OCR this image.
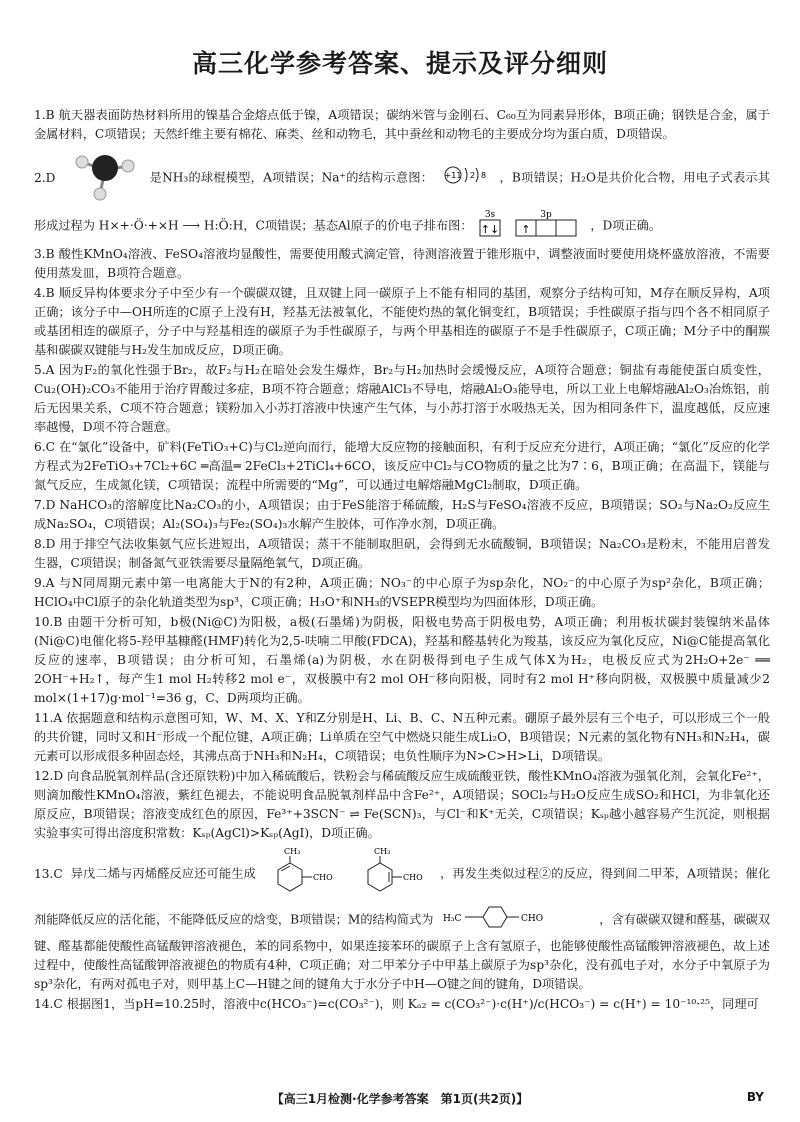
高三化学参考答案、提示及评分细则
1.B 航天器表面防热材料所用的镍基合金熔点低于镍，A项错误；碳纳米管与金刚石、C₆₀互为同素异形体，B项正确；钢铁是合金，属于金属材料，C项错误；天然纤维主要有棉花、麻类、丝和动物毛，其中蚕丝和动物毛的主要成分均为蛋白质，D项错误。
2.D	是NH₃的球棍模型，A项错误；Na⁺的结构示意图： +11 2 8 ，B项错误；H₂O是共价化合物，用电子式表示其形成过程为 H×+·Ö·+×H ⟶ H:Ö:H，C项错误；基态Al原子的价电子排布图：
3s	3p
↑↓ ↑	，D项正确。
3.B 酸性KMnO₄溶液、FeSO₄溶液均显酸性，需要使用酸式滴定管，待测溶液置于锥形瓶中，调整液面时要使用烧杯盛放溶液，不需要使用蒸发皿，B项符合题意。
4.B 顺反异构体要求分子中至少有一个碳碳双键，且双键上同一碳原子上不能有相同的基团，观察分子结构可知，M存在顺反异构，A项正确；该分子中—OH所连的C原子上没有H，羟基无法被氧化，不能使灼热的氧化铜变红，B项错误；手性碳原子指与四个各不相同原子或基团相连的碳原子，分子中与羟基相连的碳原子为手性碳原子，与两个甲基相连的碳原子不是手性碳原子，C项正确；M分子中的酮羰基和碳碳双键能与H₂发生加成反应，D项正确。
5.A 因为F₂的氧化性强于Br₂，故F₂与H₂在暗处会发生爆炸，Br₂与H₂加热时会缓慢反应，A项符合题意；铜盐有毒能使蛋白质变性，Cu₂(OH)₂CO₃不能用于治疗胃酸过多症，B项不符合题意；熔融AlCl₃不导电，熔融Al₂O₃能导电，所以工业上电解熔融Al₂O₃冶炼铝，前后无因果关系，C项不符合题意；镁粉加入小苏打溶液中快速产生气体，与小苏打溶于水吸热无关，因为相同条件下，温度越低，反应速率越慢，D项不符合题意。
6.C 在“氯化”设备中，矿料(FeTiO₃+C)与Cl₂逆向而行，能增大反应物的接触面积，有利于反应充分进行，A项正确；“氯化”反应的化学方程式为2FeTiO₃+7Cl₂+6C ═高温═ 2FeCl₃+2TiCl₄+6CO，该反应中Cl₂与CO物质的量之比为7∶6，B项正确；在高温下，镁能与氮气反应，生成氮化镁，C项错误；流程中所需要的“Mg”，可以通过电解熔融MgCl₂制取，D项正确。
7.D NaHCO₃的溶解度比Na₂CO₃的小，A项错误；由于FeS能溶于稀硫酸，H₂S与FeSO₄溶液不反应，B项错误；SO₂与Na₂O₂反应生成Na₂SO₄，C项错误；Al₂(SO₄)₃与Fe₂(SO₄)₃水解产生胶体，可作净水剂，D项正确。
8.D 用于排空气法收集氨气应长进短出，A项错误；蒸干不能制取胆矾，会得到无水硫酸铜，B项错误；Na₂CO₃是粉末，不能用启普发生器，C项错误；制备氮气亚铁需要尽量隔绝氧气，D项正确。
9.A 与N同周期元素中第一电离能大于N的有2种，A项正确；NO₃⁻的中心原子为sp杂化，NO₂⁻的中心原子为sp²杂化，B项正确；HClO₄中Cl原子的杂化轨道类型为sp³，C项正确；H₃O⁺和NH₃的VSEPR模型均为四面体形，D项正确。
10.B 由题干分析可知，b极(Ni@C)为阳极，a极(石墨烯)为阴极，阳极电势高于阴极电势，A项正确；利用板状碳封装镍纳米晶体(Ni@C)电催化将5-羟甲基糠醛(HMF)转化为2,5-呋喃二甲酸(FDCA)，羟基和醛基转化为羧基，该反应为氧化反应，Ni@C能提高氧化反应的速率，B项错误；由分析可知，石墨烯(a)为阴极，水在阴极得到电子生成气体X为H₂，电极反应式为2H₂O+2e⁻ ══ 2OH⁻+H₂↑，每产生1 mol H₂转移2 mol e⁻，双极膜中有2 mol OH⁻移向阳极，同时有2 mol H⁺移向阴极，双极膜中质量减少2 mol×(1+17)g·mol⁻¹=36 g，C、D两项均正确。
11.A 依据题意和结构示意图可知，W、M、X、Y和Z分别是H、Li、B、C、N五种元素。硼原子最外层有三个电子，可以形成三个一般的共价键，同时又和H⁻形成一个配位键，A项正确；Li单质在空气中燃烧只能生成Li₂O，B项错误；N元素的氢化物有NH₃和N₂H₄，碳元素可以形成很多种固态烃，其沸点高于NH₃和N₂H₄，C项错误；电负性顺序为N>C>H>Li，D项错误。
12.D 向食品脱氧剂样品(含还原铁粉)中加入稀硫酸后，铁粉会与稀硫酸反应生成硫酸亚铁，酸性KMnO₄溶液为强氧化剂，会氧化Fe²⁺，则滴加酸性KMnO₄溶液，紫红色褪去，不能说明食品脱氧剂样品中含Fe²⁺，A项错误；SOCl₂与H₂O反应生成SO₂和HCl，为非氧化还原反应，B项错误；溶液变成红色的原因，Fe³⁺+3SCN⁻ ⇌ Fe(SCN)₃，与Cl⁻和K⁺无关，C项错误；Kₛₚ越小越容易产生沉淀，则根据实验事实可得出溶度积常数：Kₛₚ(AgCl)>Kₛₚ(AgI)，D项正确。
13.C 异戊二烯与丙烯醛反应还可能生成
CH₃
CHO

CH₃
CHO ，再发生类似过程②的反应，得到间二甲苯，A项错误；催化剂能降低反应的活化能，不能降低反应的焓变，B项错误；M的结构简式为 H₃C	CHO	，含有碳碳双键和醛基，碳碳双键、醛基都能使酸性高锰酸钾溶液褪色，苯的同系物中，如果连接苯环的碳原子上含有氢原子，也能够使酸性高锰酸钾溶液褪色，故上述过程中，使酸性高锰酸钾溶液褪色的物质有4种，C项正确；对二甲苯分子中甲基上碳原子为sp³杂化，没有孤电子对，水分子中氧原子为sp³杂化，有两对孤电子对，则甲基上C—H键之间的键角大于水分子中H—O键之间的键角，D项错误。
14.C 根据图1，当pH=10.25时，溶液中c(HCO₃⁻)=c(CO₃²⁻)，则 Kₐ₂ = c(CO₃²⁻)·c(H⁺)/c(HCO₃⁻) = c(H⁺) = 10⁻¹⁰·²⁵，同理可
【高三1月检测·化学参考答案　第1页(共2页)】	BY
